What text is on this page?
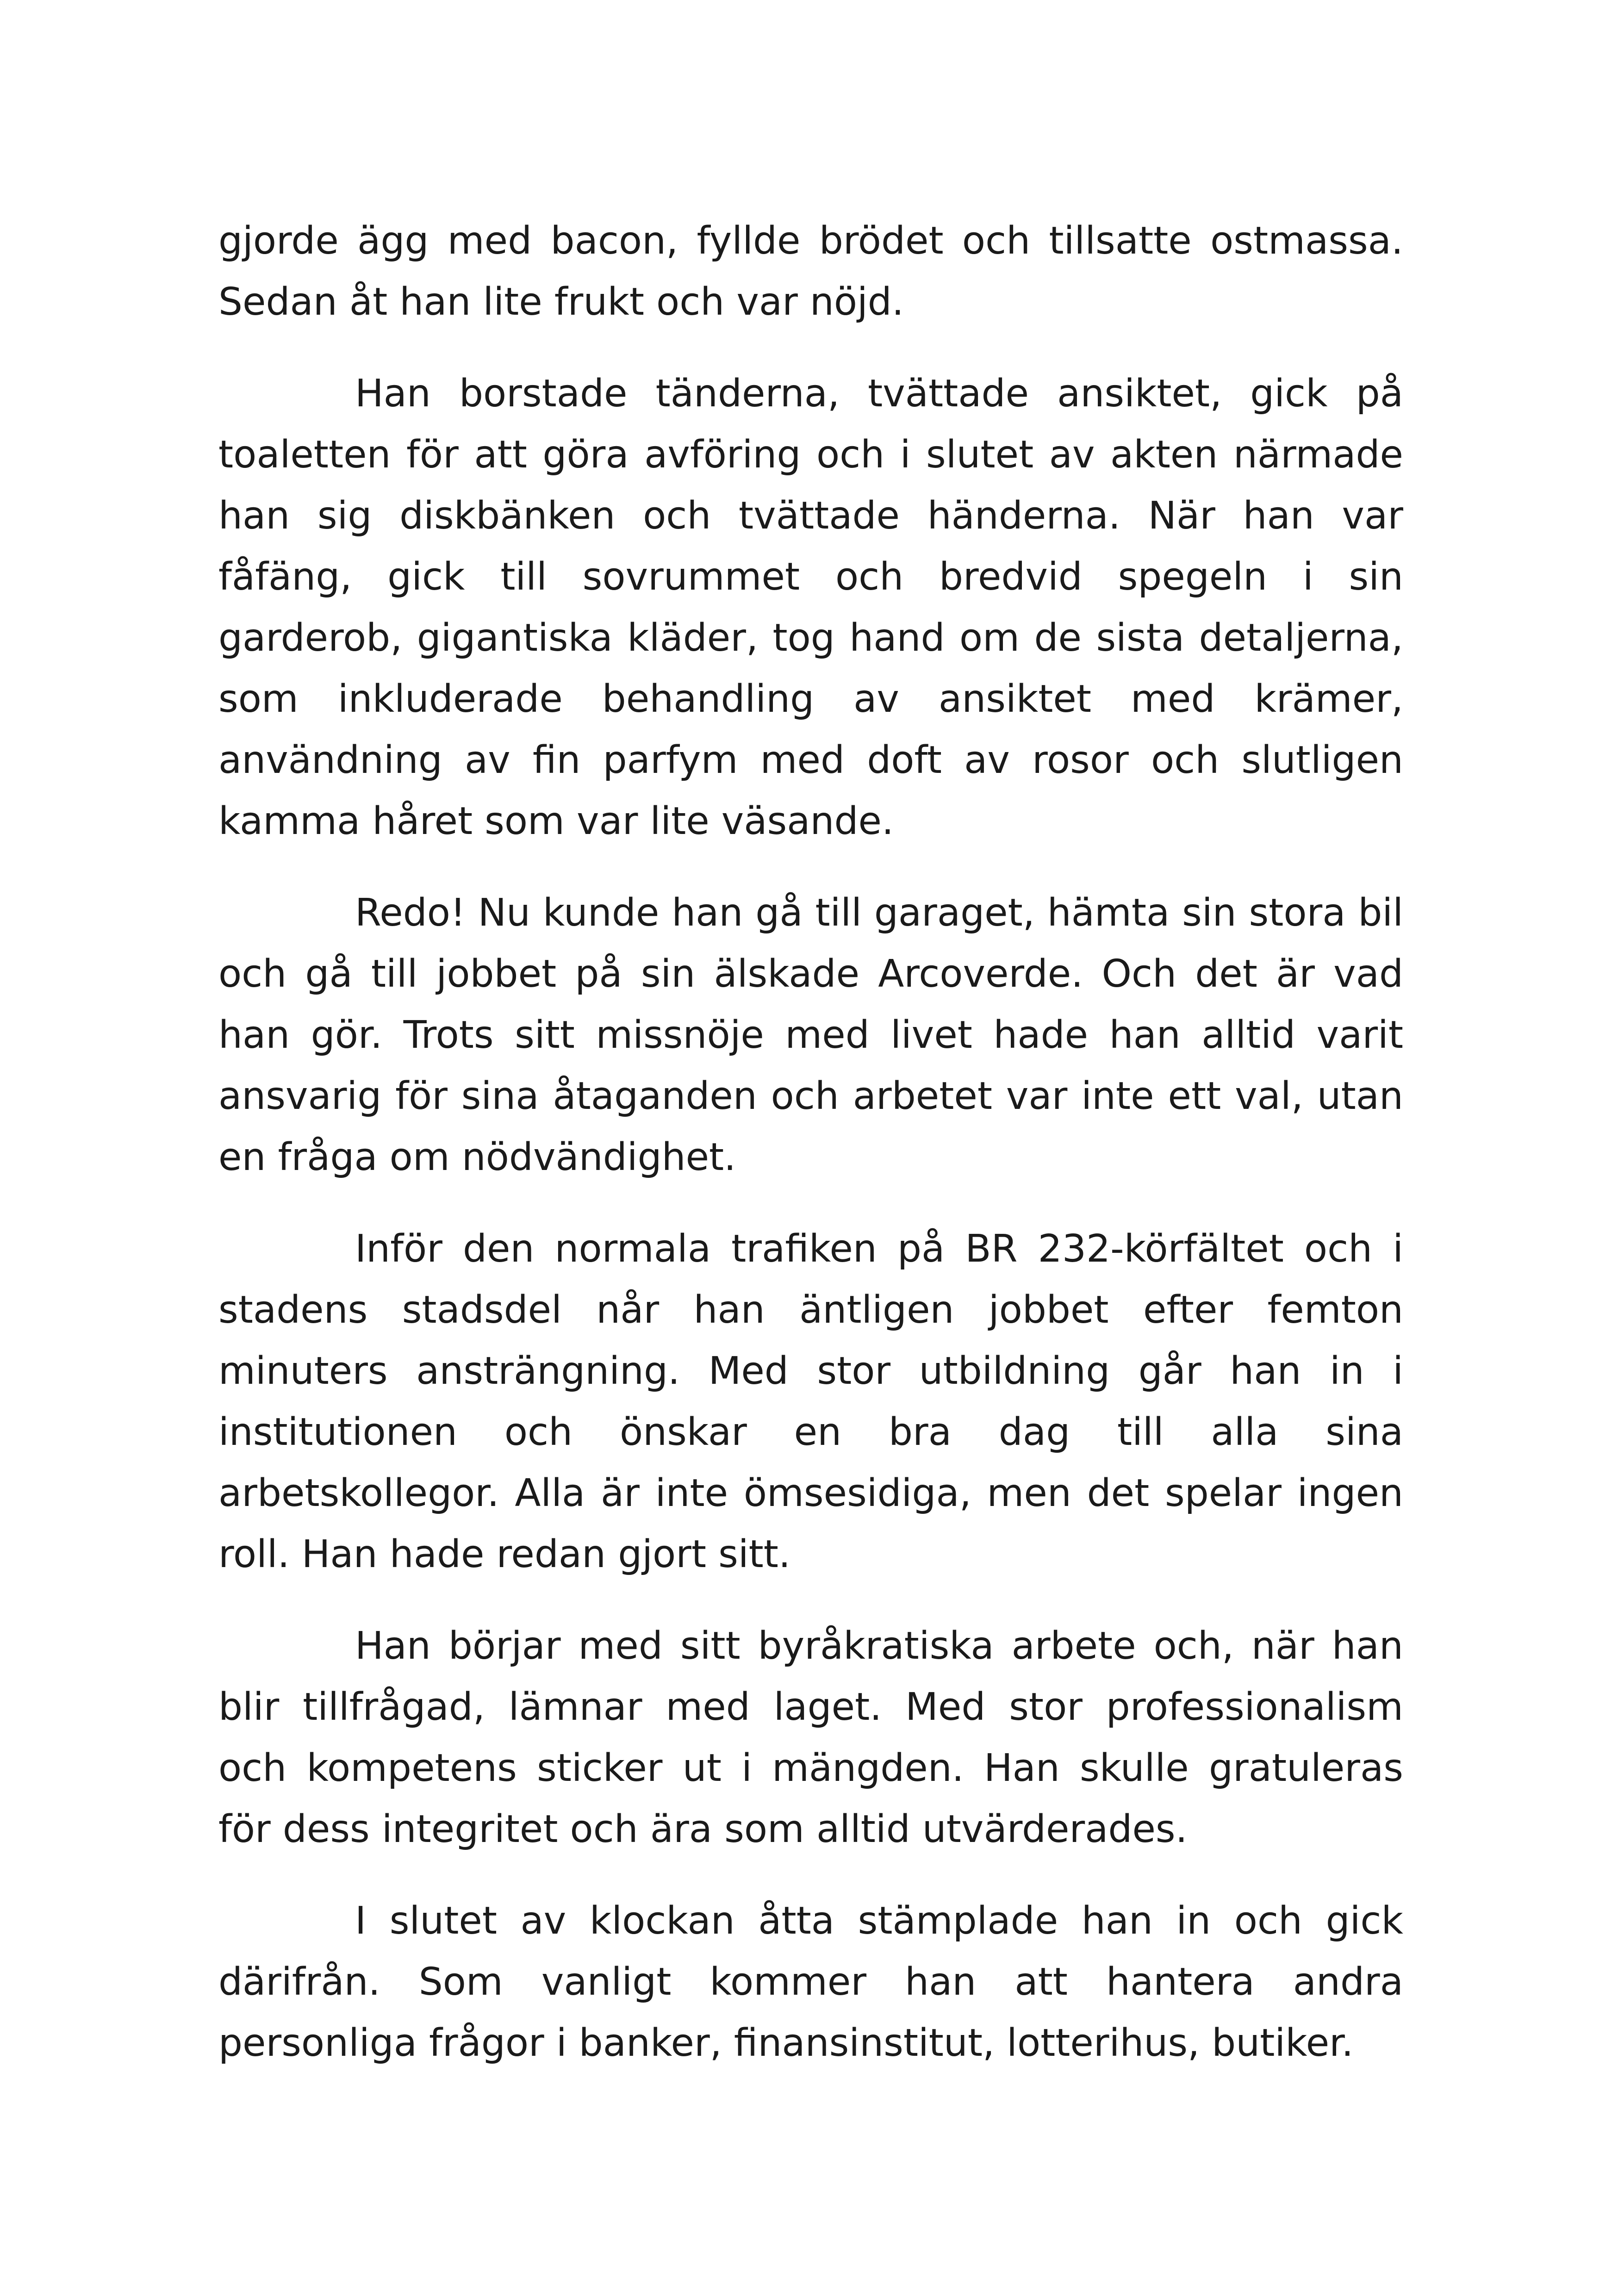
gjorde ägg med bacon, fyllde brödet och tillsatte ostmassa. Sedan åt han lite frukt och var nöjd.

Han borstade tänderna, tvättade ansiktet, gick på toaletten för att göra avföring och i slutet av akten närmade han sig diskbänken och tvättade händerna. När han var fåfäng, gick till sovrummet och bredvid spegeln i sin garderob, gigantiska kläder, tog hand om de sista detaljerna, som inkluderade behandling av ansiktet med krämer, användning av fin parfym med doft av rosor och slutligen kamma håret som var lite väsande.

Redo! Nu kunde han gå till garaget, hämta sin stora bil och gå till jobbet på sin älskade Arcoverde. Och det är vad han gör. Trots sitt missnöje med livet hade han alltid varit ansvarig för sina åtaganden och arbetet var inte ett val, utan en fråga om nödvändighet.

Inför den normala trafiken på BR 232-körfältet och i stadens stadsdel når han äntligen jobbet efter femton minuters ansträngning. Med stor utbildning går han in i institutionen och önskar en bra dag till alla sina arbetskollegor. Alla är inte ömsesidiga, men det spelar ingen roll. Han hade redan gjort sitt.

Han börjar med sitt byråkratiska arbete och, när han blir tillfrågad, lämnar med laget. Med stor professionalism och kompetens sticker ut i mängden. Han skulle gratuleras för dess integritet och ära som alltid utvärderades.

I slutet av klockan åtta stämplade han in och gick därifrån. Som vanligt kommer han att hantera andra personliga frågor i banker, finansinstitut, lotterihus, butiker.
